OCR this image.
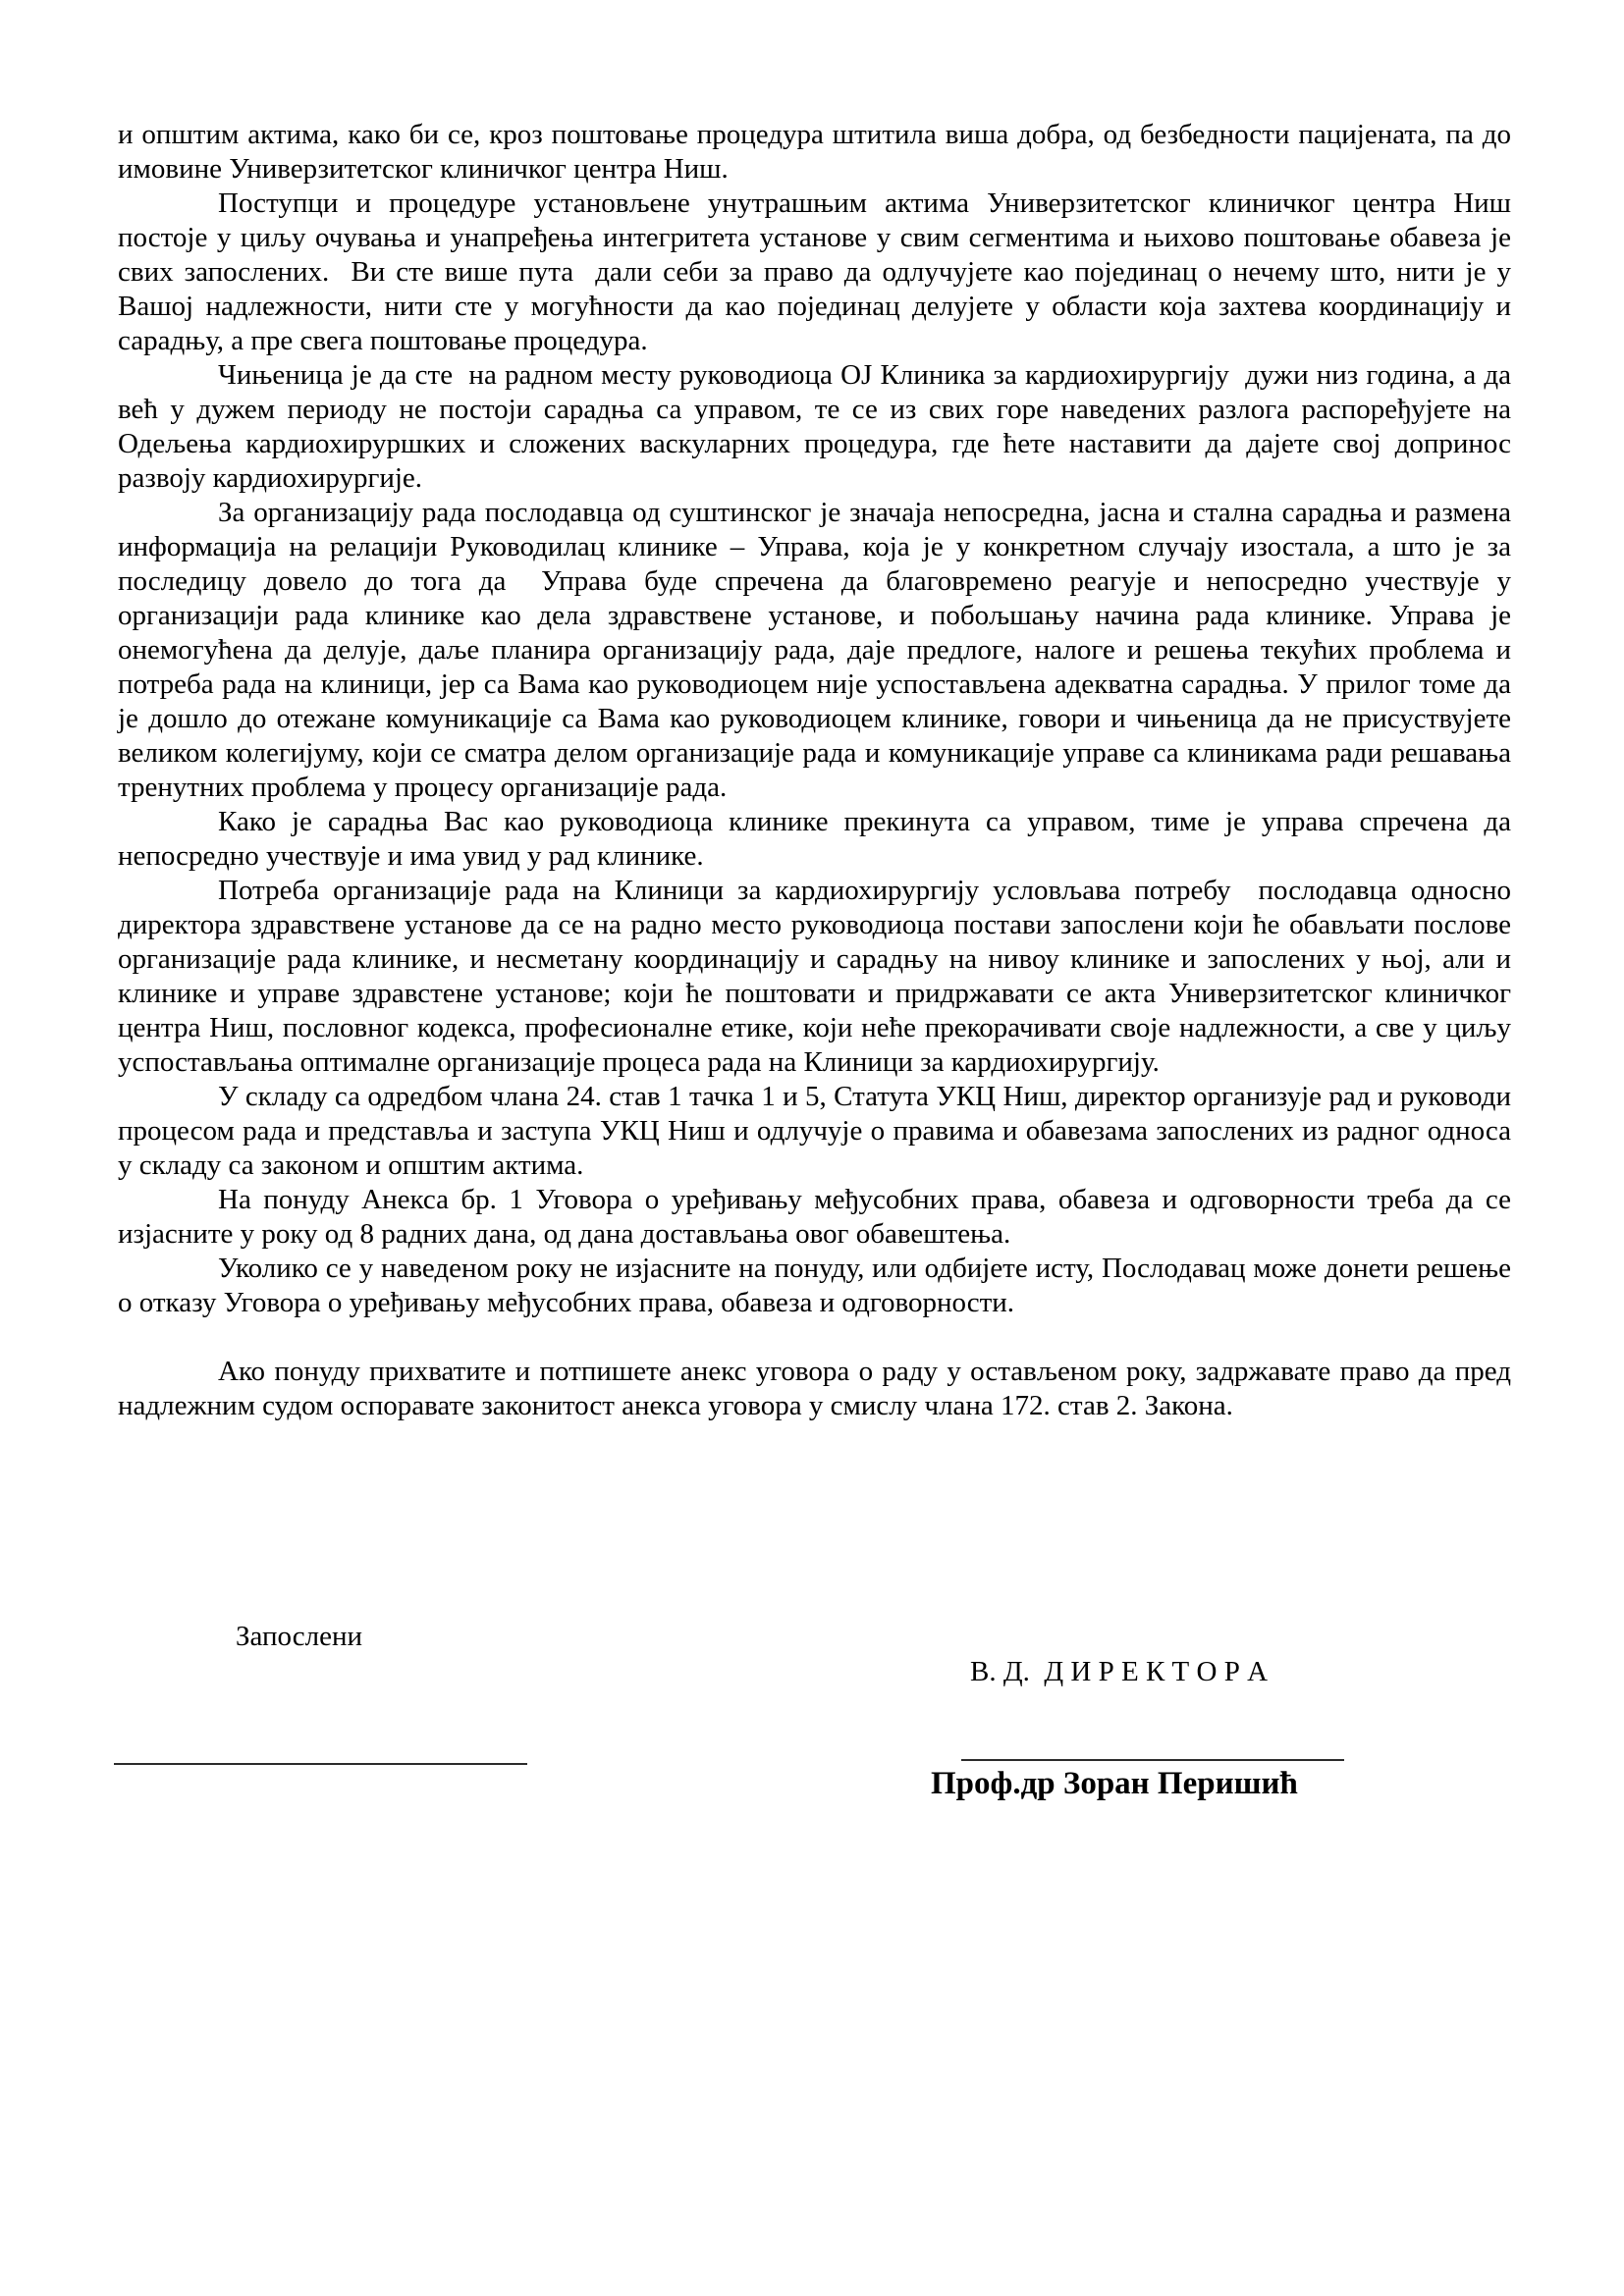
и општим актима, како би се, кроз поштовање процедура штитила виша добра, од безбедности пацијената, па до имовине Универзитетског клиничког центра Ниш.

Поступци и процедуре установљене унутрашњим актима Универзитетског клиничког центра Ниш постоје у циљу очувања и унапређења интегритета установе у свим сегментима и њихово поштовање обавеза је свих запослених.  Ви сте више пута  дали себи за право да одлучујете као појединац о нечему што, нити је у Вашој надлежности, нити сте у могућности да као појединац делујете у области која захтева координацију и сарадњу, а пре свега поштовање процедура.

Чињеница је да сте  на радном месту руководиоца ОЈ Клиника за кардиохирургију  дужи низ година, а да већ у дужем периоду не постоји сарадња са управом, те се из свих горе наведених разлога распоређујете на Одељења кардиохируршких и сложених васкуларних процедура, где ћете наставити да дајете свој допринос развоју кардиохирургије.

За организацију рада послодавца од суштинског је значаја непосредна, јасна и стална сарадња и размена информација на релацији Руководилац клинике – Управа, која је у конкретном случају изостала, а што је за последицу довело до тога да  Управа буде спречена да благовремено реагује и непосредно учествује у организацији рада клинике као дела здравствене установе, и побољшању начина рада клинике. Управа је онемогућена да делује, даље планира организацију рада, даје предлоге, налоге и решења текућих проблема и потреба рада на клиници, јер са Вама као руководиоцем није успостављена адекватна сарадња. У прилог томе да је дошло до отежане комуникације са Вама као руководиоцем клинике, говори и чињеница да не присуствујете великом колегијуму, који се сматра делом организације рада и комуникације управе са клиникама ради решавања тренутних проблема у процесу организације рада.

Како је сарадња Вас као руководиоца клинике прекинута са управом, тиме је управа спречена да непосредно учествује и има увид у рад клинике.

Потреба организације рада на Клиници за кардиохирургију условљава потребу  послодавца односно директора здравствене установе да се на радно место руководиоца постави запослени који ће обављати послове организације рада клинике, и несметану координацију и сарадњу на нивоу клинике и запослених у њој, али и клинике и управе здравстене установе; који ће поштовати и придржавати се акта Универзитетског клиничког центра Ниш, пословног кодекса, професионалне етике, који неће прекорачивати своје надлежности, а све у циљу успостављања оптималне организације процеса рада на Клиници за кардиохирургију.

У складу са одредбом члана 24. став 1 тачка 1 и 5, Статута УКЦ Ниш, директор организује рад и руководи процесом рада и представља и заступа УКЦ Ниш и одлучује о правима и обавезама запослених из радног односа у складу са законом и општим актима.

На понуду Анекса бр. 1 Уговора о уређивању међусобних права, обавеза и одговорности треба да се изјасните у року од 8 радних дана, од дана достављања овог обавештења.

Уколико се у наведеном року не изјасните на понуду, или одбијете исту, Послодавац може донети решење о отказу Уговора о уређивању међусобних права, обавеза и одговорности.

Ако понуду прихватите и потпишете анекс уговора о раду у остављеном року, задржавате право да пред надлежним судом оспоравате законитост анекса уговора у смислу члана 172. став 2. Закона.

Запослени
В. Д.  Д И Р Е К Т О Р А
Проф.др Зоран Перишић
